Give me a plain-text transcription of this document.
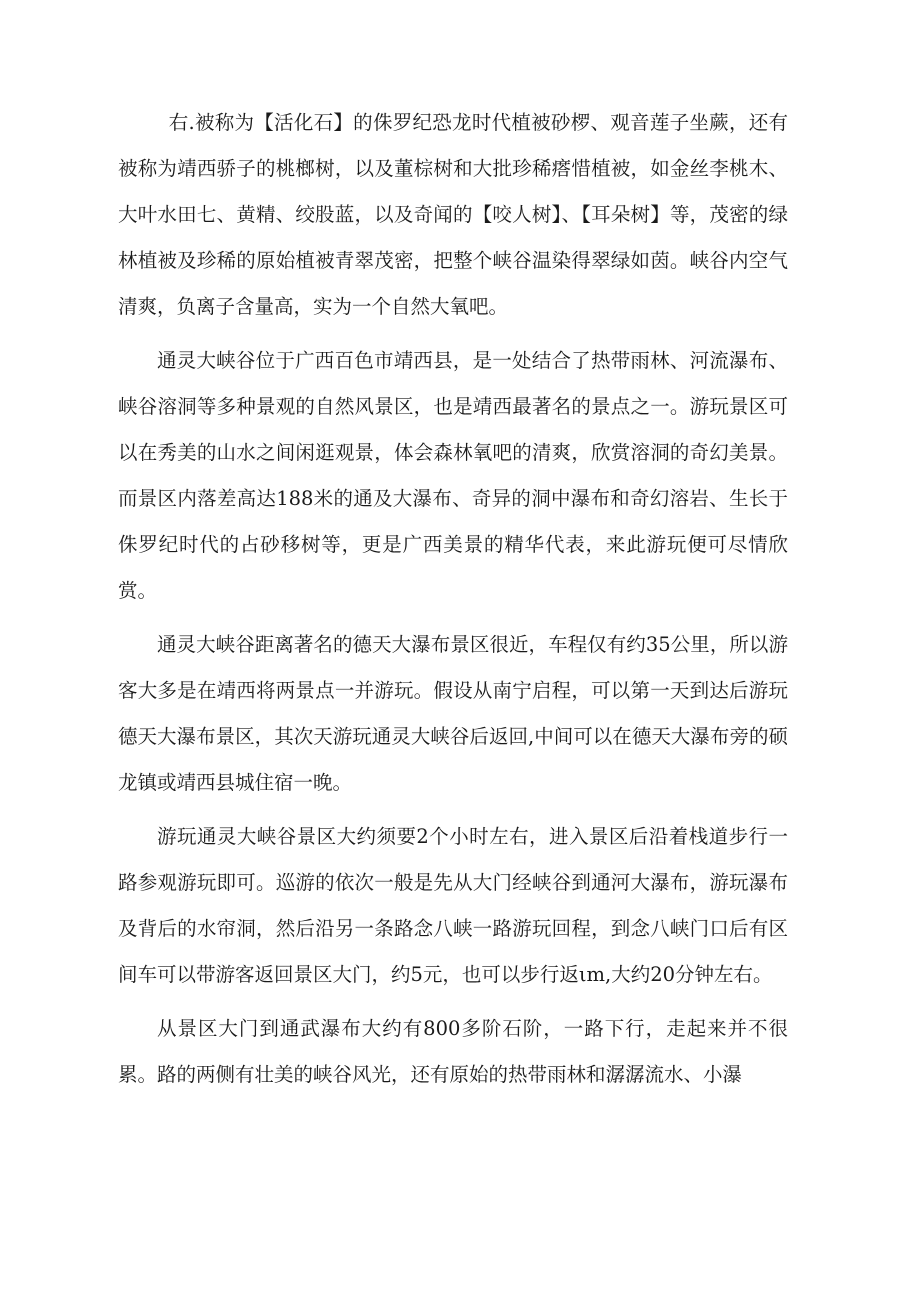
右.被称为【活化石】的侏罗纪恐龙时代植被砂椤、观音莲子坐蕨，还有被称为靖西骄子的桃榔树，以及董棕树和大批珍稀瘩惜植被，如金丝李桃木、大叶水田七、黄精、绞股蓝，以及奇闻的【咬人树】、【耳朵树】等，茂密的绿林植被及珍稀的原始植被青翠茂密，把整个峡谷温染得翠绿如茵。峡谷内空气清爽，负离子含量高，实为一个自然大氧吧。

通灵大峡谷位于广西百色市靖西县，是一处结合了热带雨林、河流瀑布、峡谷溶洞等多种景观的自然风景区，也是靖西最著名的景点之一。游玩景区可以在秀美的山水之间闲逛观景，体会森林氧吧的清爽，欣赏溶洞的奇幻美景。而景区内落差高达188米的通及大瀑布、奇异的洞中瀑布和奇幻溶岩、生长于侏罗纪时代的占砂移树等，更是广西美景的精华代表，来此游玩便可尽情欣赏。

通灵大峡谷距离著名的德天大瀑布景区很近，车程仅有约35公里，所以游客大多是在靖西将两景点一并游玩。假设从南宁启程，可以第一天到达后游玩德天大瀑布景区，其次天游玩通灵大峡谷后返回,中间可以在德天大瀑布旁的硕龙镇或靖西县城住宿一晚。

游玩通灵大峡谷景区大约须要2个小时左右，进入景区后沿着栈道步行一路参观游玩即可。巡游的依次一般是先从大门经峡谷到通河大瀑布，游玩瀑布及背后的水帘洞，然后沿另一条路念八峡一路游玩回程，到念八峡门口后有区间车可以带游客返回景区大门，约5元，也可以步行返ιm,大约20分钟左右。

从景区大门到通武瀑布大约有800多阶石阶，一路下行，走起来并不很累。路的两侧有壮美的峡谷风光，还有原始的热带雨林和潺潺流水、小瀑
